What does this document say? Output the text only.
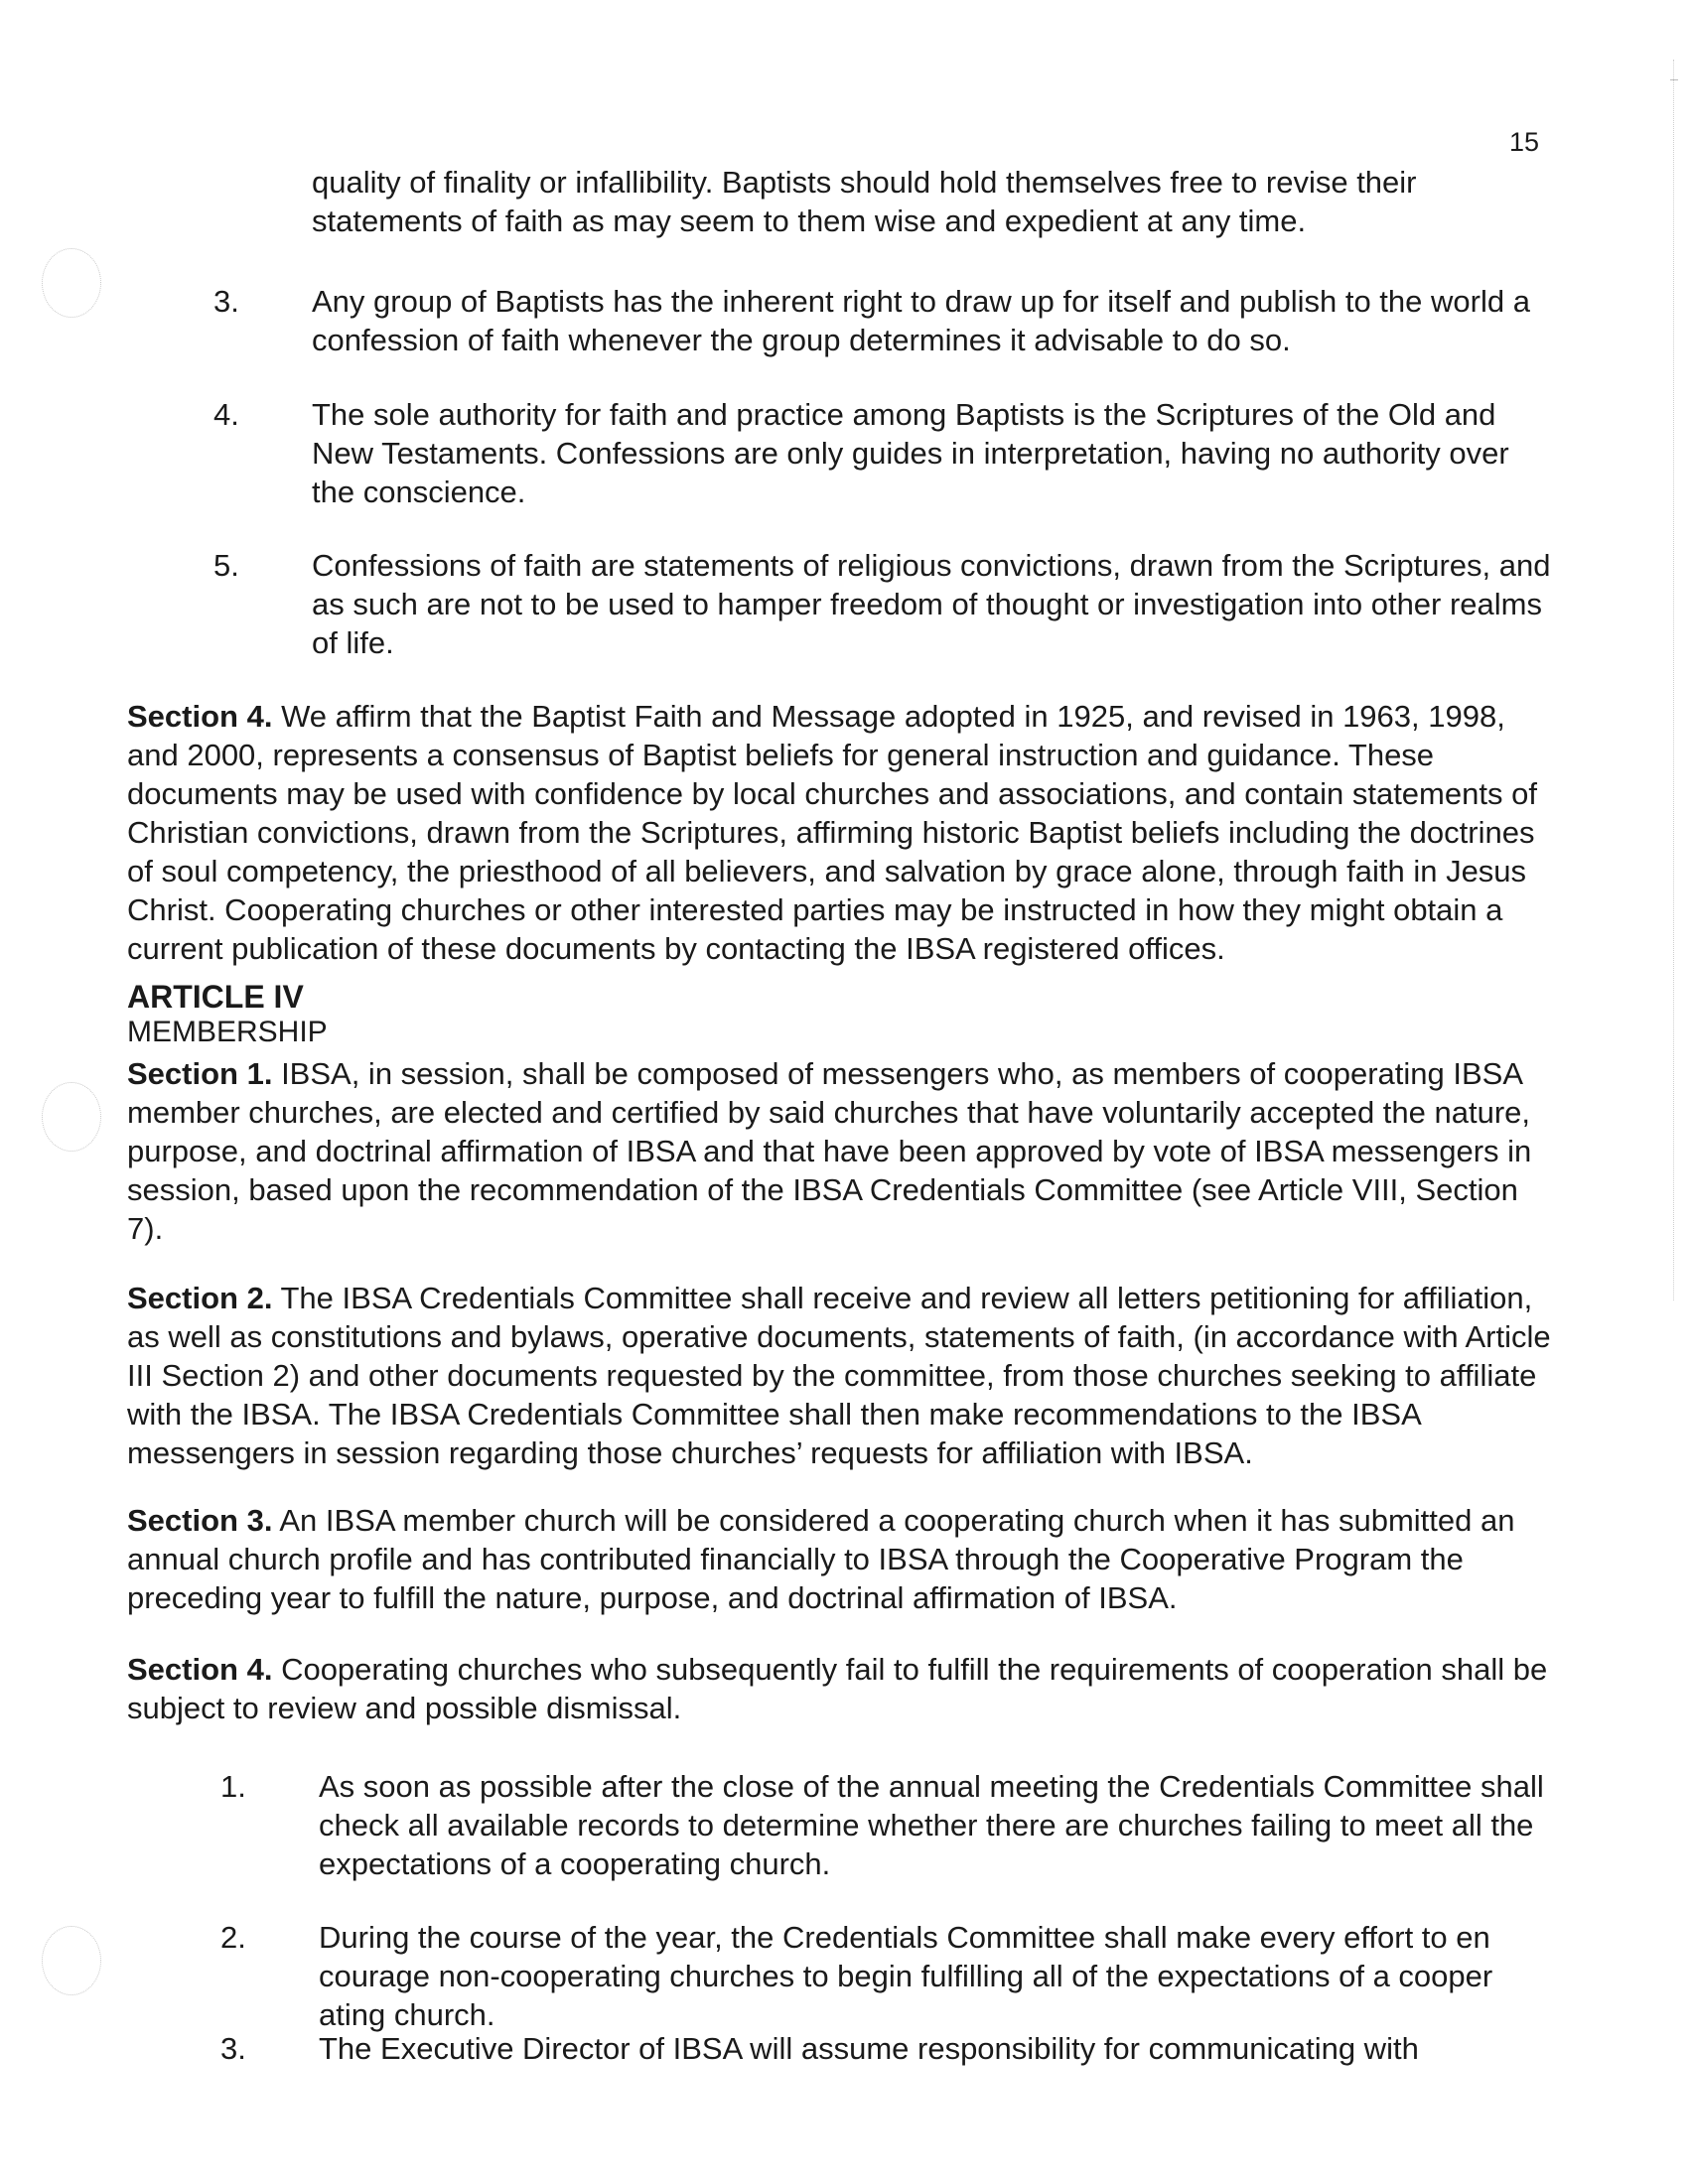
15

quality of finality or infallibility. Baptists should hold themselves free to revise their statements of faith as may seem to them wise and expedient at any time.

3.	Any group of Baptists has the inherent right to draw up for itself and publish to the world a confession of faith whenever the group determines it advisable to do so.

4.	The sole authority for faith and practice among Baptists is the Scriptures of the Old and New Testaments. Confessions are only guides in interpretation, having no authority over the conscience.

5.	Confessions of faith are statements of religious convictions, drawn from the Scriptures, and as such are not to be used to hamper freedom of thought or investigation into other realms of life.

Section 4. We affirm that the Baptist Faith and Message adopted in 1925, and revised in 1963, 1998, and 2000, represents a consensus of Baptist beliefs for general instruction and guidance. These documents may be used with confidence by local churches and associations, and contain statements of Christian convictions, drawn from the Scriptures, affirming historic Baptist beliefs including the doctrines of soul competency, the priesthood of all believers, and salvation by grace alone, through faith in Jesus Christ. Cooperating churches or other interested parties may be instructed in how they might obtain a current publication of these documents by contacting the IBSA registered offices.

ARTICLE IV

MEMBERSHIP

Section 1. IBSA, in session, shall be composed of messengers who, as members of cooperating IBSA member churches, are elected and certified by said churches that have voluntarily accepted the nature, purpose, and doctrinal affirmation of IBSA and that have been approved by vote of IBSA messengers in session, based upon the recommendation of the IBSA Credentials Committee (see Article VIII, Section 7).

Section 2. The IBSA Credentials Committee shall receive and review all letters petitioning for affiliation, as well as constitutions and bylaws, operative documents, statements of faith, (in accordance with Article III Section 2) and other documents requested by the committee, from those churches seeking to affiliate with the IBSA. The IBSA Credentials Committee shall then make recommendations to the IBSA messengers in session regarding those churches’ requests for affiliation with IBSA.

Section 3. An IBSA member church will be considered a cooperating church when it has submitted an annual church profile and has contributed financially to IBSA through the Cooperative Program the preceding year to fulfill the nature, purpose, and doctrinal affirmation of IBSA.

Section 4. Cooperating churches who subsequently fail to fulfill the requirements of cooperation shall be subject to review and possible dismissal.

1.	As soon as possible after the close of the annual meeting the Credentials Committee shall check all available records to determine whether there are churches failing to meet all the expectations of a cooperating church.

2.	During the course of the year, the Credentials Committee shall make every effort to en courage non-cooperating churches to begin fulfilling all of the expectations of a cooper ating church.

3.	The Executive Director of IBSA will assume responsibility for communicating with
